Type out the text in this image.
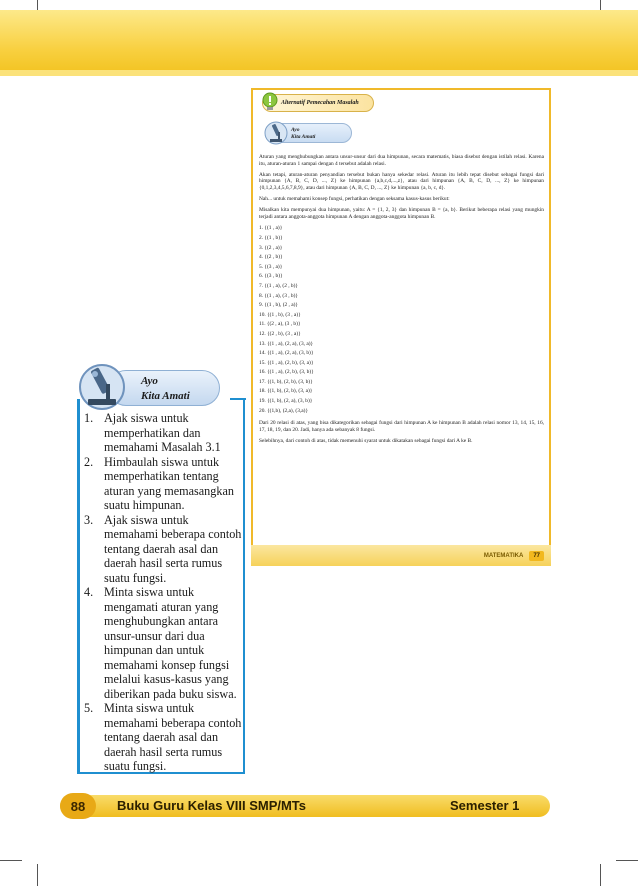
Alternatif Pemecahan Masalah
Ayo
Kita Amati

Aturan yang menghubungkan antara unsur-unsur dari dua himpunan, secara matematis, biasa disebut dengan istilah relasi. Karena itu, aturan-aturan 1 sampai dengan 4 tersebut adalah relasi.

Akan tetapi, aturan-aturan penyandian tersebut bukan hanya sekedar relasi. Aturan itu lebih tepat disebut sebagai fungsi dari himpunan {A, B, C, D, ..., Z} ke himpunan {a,b,c,d,...,z}, atau dari himpunan {A, B, C, D, ..., Z} ke himpunan {0,1,2,3,4,5,6,7,8,9}, atau dari himpunan {A, B, C, D, ..., Z} ke himpunan {a, b, c, d}.

Nah... untuk memahami konsep fungsi, perhatikan dengan seksama kasus-kasus berikut:

Misalkan kita mempunyai dua himpunan, yaitu: A = {1, 2, 3} dan himpunan B = {a, b}. Berikut beberapa relasi yang mungkin terjadi antara anggota-anggota himpunan A dengan anggota-anggota himpunan B.

1. {(1 , a)}
2. {(1 , b)}
3. {(2 , a)}
4. {(2 , b)}
5. {(3 , a)}
6. {(3 , b)}
7. {(1 , a), (2 , b)}
8. {(1 , a), (3 , b)}
9. {(1 , b), (2 , a)}
10. {(1 , b), (3 , a)}
11. {(2 , a), (3 , b)}
12. {(2 , b), (3 , a)}
13. {(1 , a), (2, a), (3, a)}
14. {(1 , a), (2, a), (3, b)}
15. {(1 , a), (2, b), (3, a)}
16. {(1 , a), (2, b), (3, b)}
17. {(1, b), (2, b), (3, b)}
18. {(1, b), (2, b), (3, a)}
19. {(1, b), (2, a), (3, b)}
20. {(1,b), (2,a), (3,a)}

Dari 20 relasi di atas, yang bisa dikategorikan sebagai fungsi dari himpunan A ke himpunan B adalah relasi nomor 13, 14, 15, 16, 17, 18, 19, dan 20. Jadi, hanya ada sebanyak 8 fungsi.

Selebihnya, dari contoh di atas, tidak memenuhi syarat untuk dikatakan sebagai fungsi dari A ke B.

MATEMATIKA	77
Ayo
Kita Amati
1. Ajak siswa untuk memperhatikan dan memahami Masalah 3.1
2. Himbaulah siswa untuk memperhatikan tentang aturan yang memasangkan suatu himpunan.
3. Ajak siswa untuk memahami beberapa contoh tentang daerah asal dan daerah hasil serta rumus suatu fungsi.
4. Minta siswa untuk mengamati aturan yang menghubungkan antara unsur-unsur dari dua himpunan dan untuk memahami konsep fungsi melalui kasus-kasus yang diberikan pada buku siswa.
5. Minta siswa untuk memahami beberapa contoh tentang daerah asal dan daerah hasil serta rumus suatu fungsi.
88	Buku Guru Kelas VIII SMP/MTs	Semester 1
